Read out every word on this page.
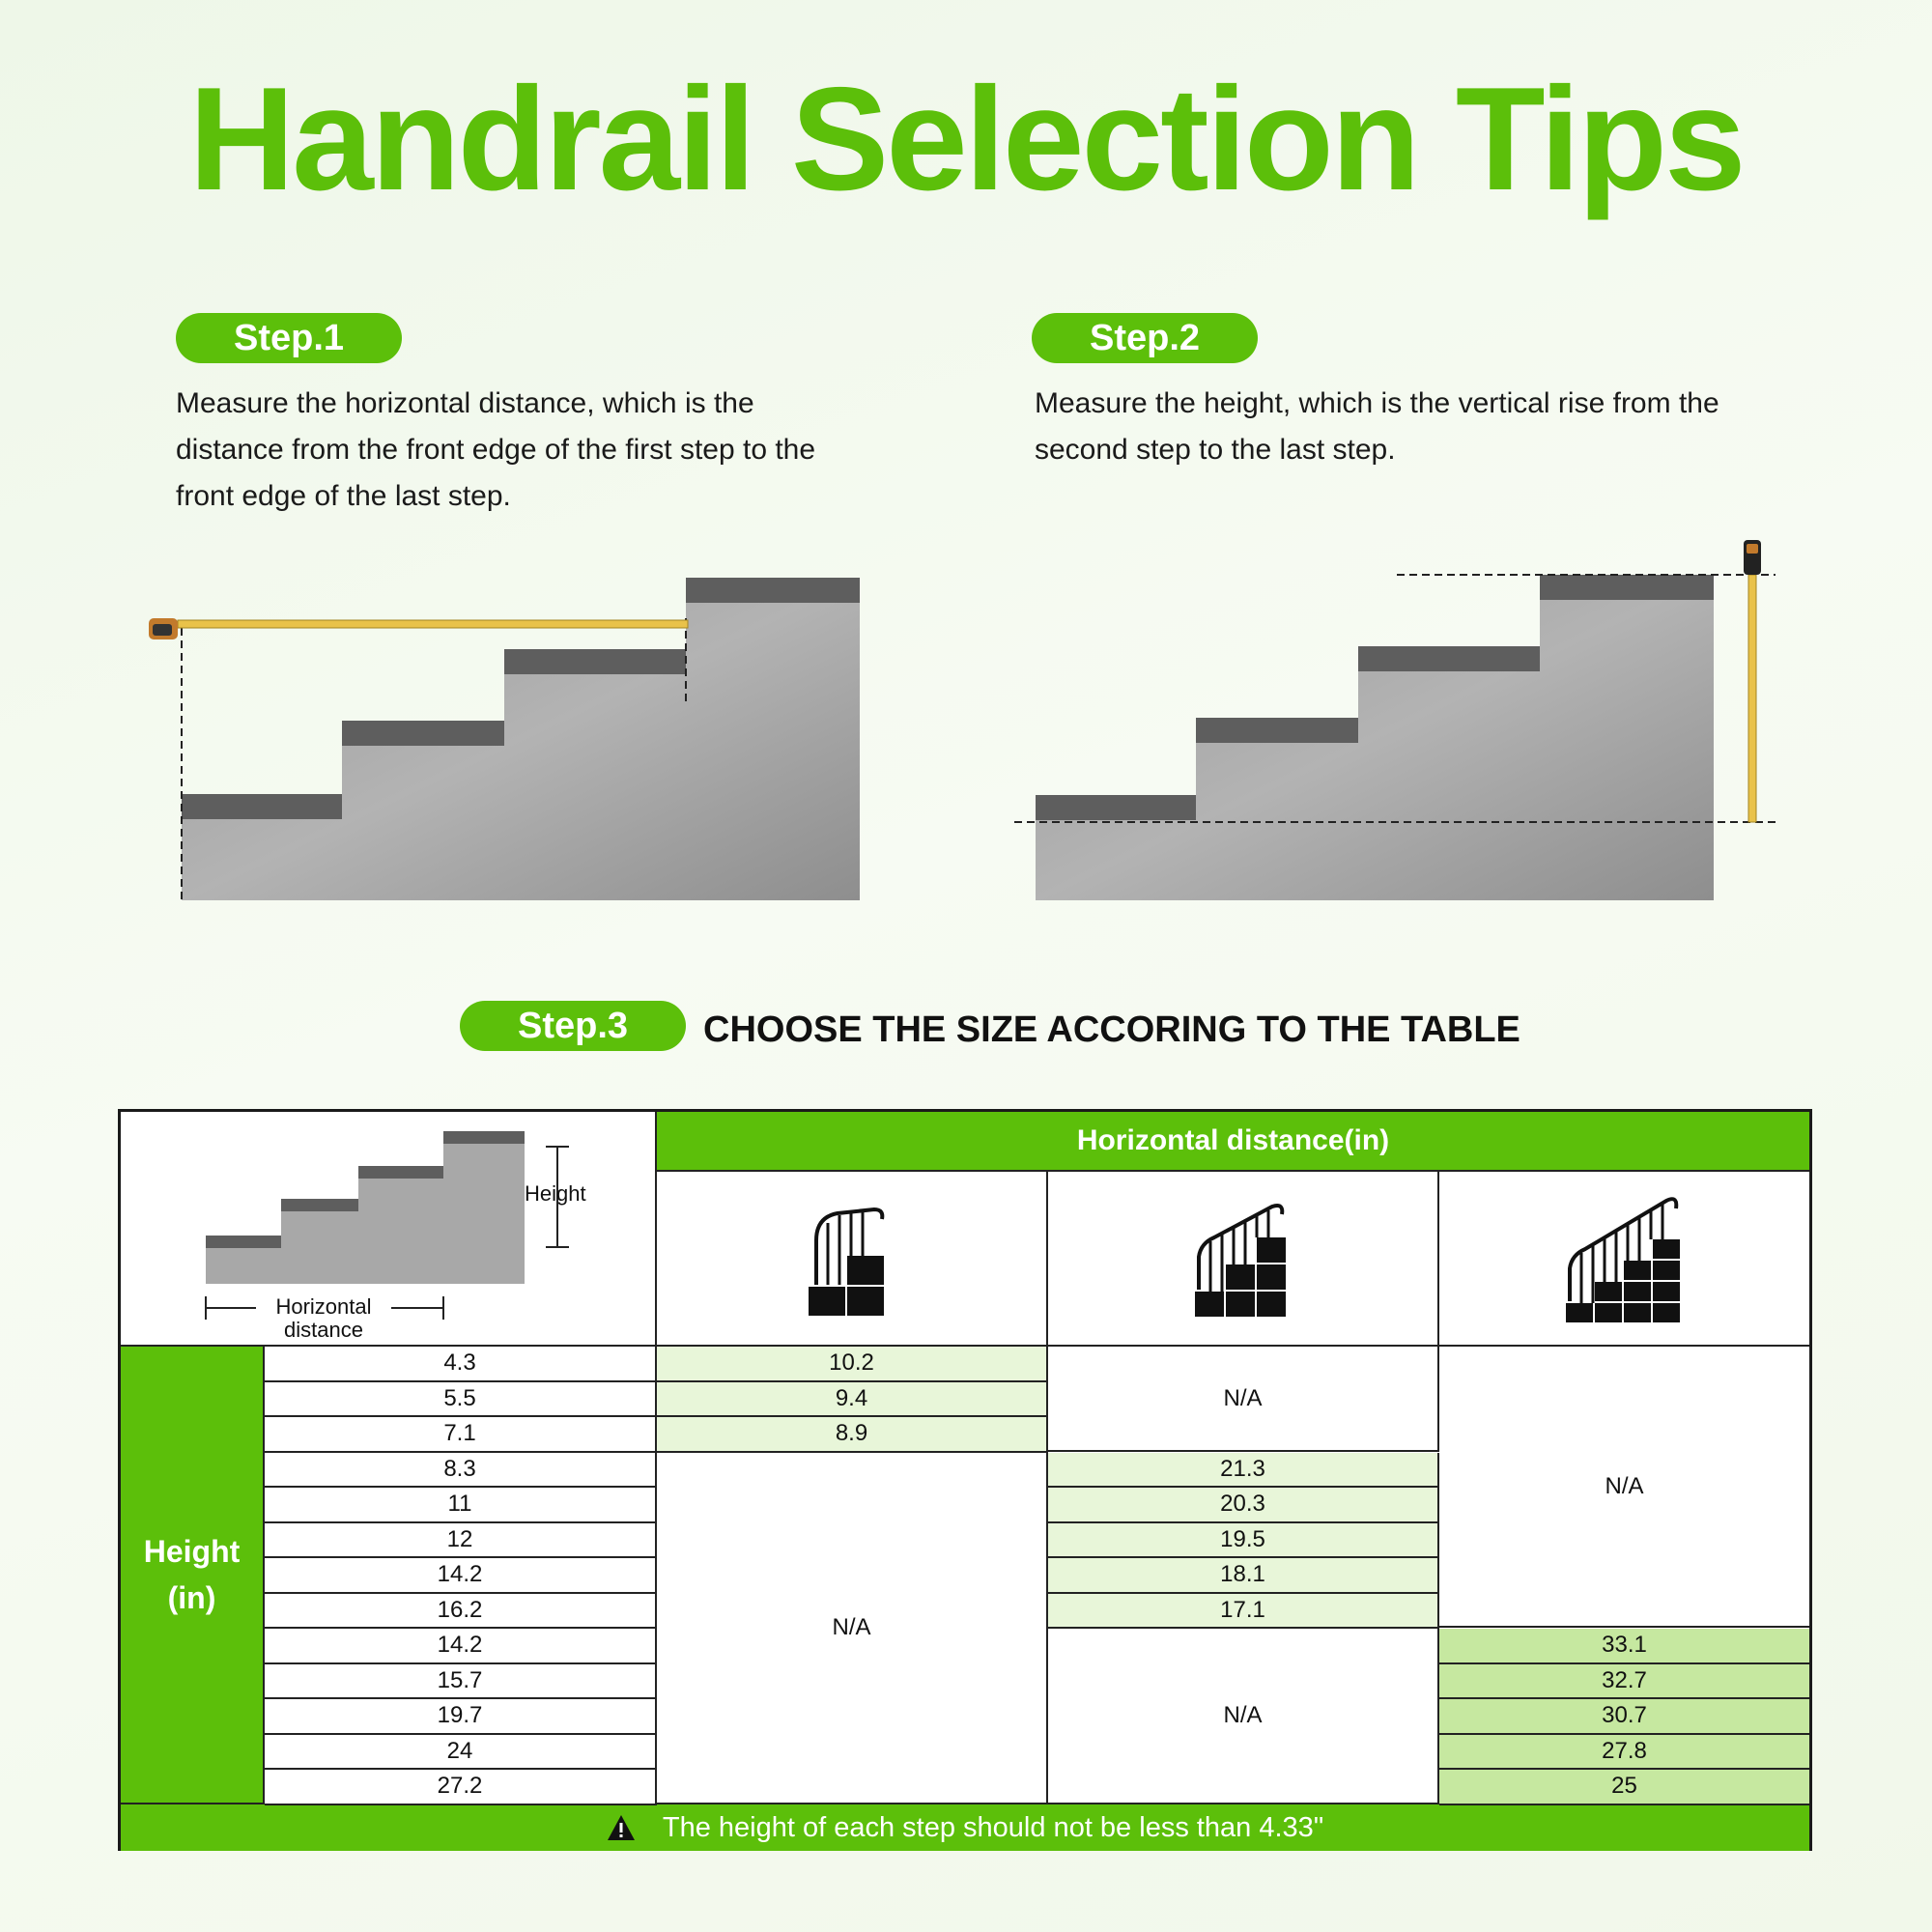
Handrail Selection Tips
Step.1
Measure the horizontal distance, which is the distance from the front edge of the first step to the front edge of the last step.
Step.2
Measure the height, which is the vertical rise from the second step to the last step.
Step.3	CHOOSE THE SIZE ACCORING TO THE TABLE
Height
Horizontal distance
Horizontal distance(in)
Height (in)
N/A
N/A
N/A
N/A
The height of each step should not be less than 4.33"
4.3
5.5
7.1
8.3
11
12
14.2
16.2
14.2
15.7
19.7
24
27.2
10.2
9.4
8.9
21.3
20.3
19.5
18.1
17.1
33.1
32.7
30.7
27.8
25
